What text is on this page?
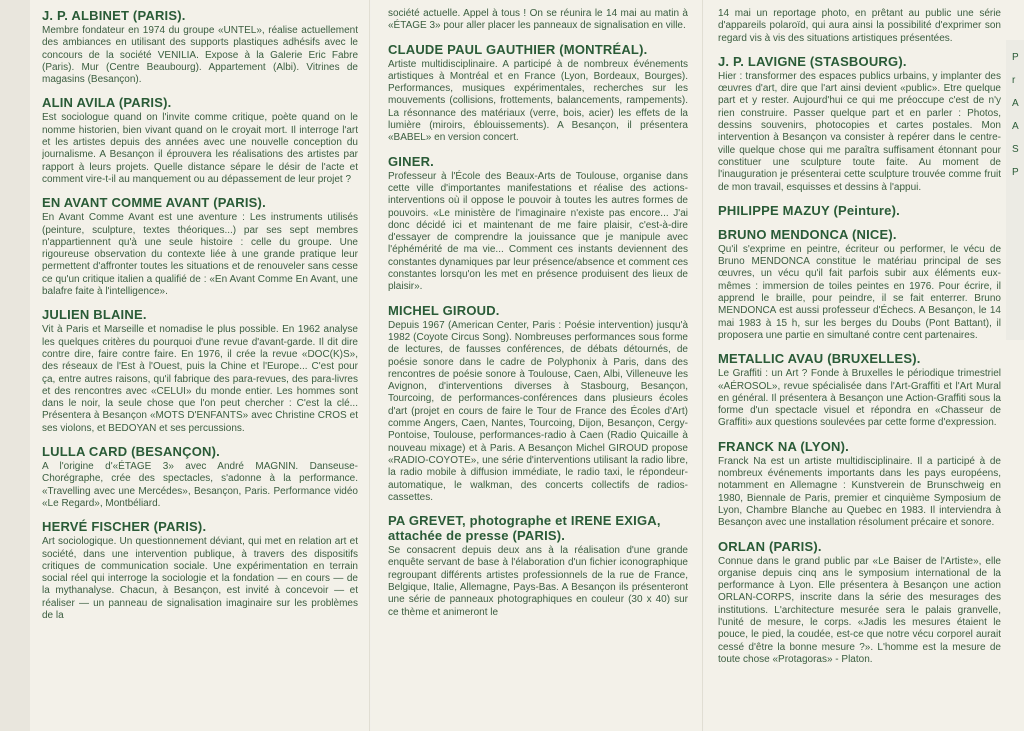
J. P. ALBINET (PARIS).

Membre fondateur en 1974 du groupe «UNTEL», réalise actuellement des ambiances en utilisant des supports plastiques adhésifs avec le concours de la société VENILIA. Expose à la Galerie Eric Fabre (Paris). Mur (Centre Beaubourg). Appartement (Albi). Vitrines de magasins (Besançon).

ALIN AVILA (PARIS).

Est sociologue quand on l'invite comme critique, poète quand on le nomme historien, bien vivant quand on le croyait mort. Il interroge l'art et les artistes depuis des années avec une nouvelle conception du journalisme. A Besançon il éprouvera les réalisations des artistes par rapport à leurs projets. Quelle distance sépare le désir de l'acte et comment vire-t-il au manquement ou au dépassement de leur projet ?

EN AVANT COMME AVANT (PARIS).

En Avant Comme Avant est une aventure : Les instruments utilisés (peinture, sculpture, textes théoriques...) par ses sept membres n'appartiennent qu'à une seule histoire : celle du groupe. Une rigoureuse observation du contexte liée à une grande pratique leur permettent d'affronter toutes les situations et de renouveler sans cesse ce qu'un critique italien a qualifié de : «En Avant Comme En Avant, une balafre faite à l'intelligence».

JULIEN BLAINE.

Vit à Paris et Marseille et nomadise le plus possible. En 1962 analyse les quelques critères du pourquoi d'une revue d'avant-garde. Il dit dire contre dire, faire contre faire. En 1976, il crée la revue «DOC(K)S», des réseaux de l'Est à l'Ouest, puis la Chine et l'Europe... C'est pour ça, entre autres raisons, qu'il fabrique des para-revues, des para-livres et des rencontres avec «CELUI» du monde entier. Les hommes sont dans le noir, la seule chose que l'on peut chercher : C'est la clé... Présentera à Besançon «MOTS D'ENFANTS» avec Christine CROS et ses violons, et BEDOYAN et ses percussions.

LULLA CARD (BESANÇON).

A l'origine d'«ÉTAGE 3» avec André MAGNIN. Danseuse-Chorégraphe, crée des spectacles, s'adonne à la performance. «Travelling avec une Mercédes», Besançon, Paris. Performance vidéo «Le Regard», Montbéliard.

HERVÉ FISCHER (PARIS).

Art sociologique. Un questionnement déviant, qui met en relation art et société, dans une intervention publique, à travers des dispositifs critiques de communication sociale. Une expérimentation en terrain social réel qui interroge la sociologie et la fondation — en cours — de la mythanalyse. Chacun, à Besançon, est invité à concevoir — et réaliser — un panneau de signalisation imaginaire sur les problèmes de la

société actuelle. Appel à tous ! On se réunira le 14 mai au matin à «ÉTAGE 3» pour aller placer les panneaux de signalisation en ville.

CLAUDE PAUL GAUTHIER (MONTRÉAL).

Artiste multidisciplinaire. A participé à de nombreux événements artistiques à Montréal et en France (Lyon, Bordeaux, Bourges). Performances, musiques expérimentales, recherches sur les mouvements (collisions, frottements, balancements, rampements). La résonnance des matériaux (verre, bois, acier) les effets de la lumière (miroirs, éblouissements). A Besançon, il présentera «BABEL» en version concert.

GINER.

Professeur à l'École des Beaux-Arts de Toulouse, organise dans cette ville d'importantes manifestations et réalise des actions-interventions où il oppose le pouvoir à toutes les autres formes de pouvoirs. «Le ministère de l'imaginaire n'existe pas encore... J'ai donc décidé ici et maintenant de me faire plaisir, c'est-à-dire d'essayer de comprendre la jouissance que je manipule avec l'éphémérité de ma vie... Comment ces instants deviennent des constantes dynamiques par leur présence/absence et comment ces constantes lorsqu'on les met en présence produisent des lieux de plaisir».

MICHEL GIROUD.

Depuis 1967 (American Center, Paris : Poésie intervention) jusqu'à 1982 (Coyote Circus Song). Nombreuses performances sous forme de lectures, de fausses conférences, de débats détournés, de poésie sonore dans le cadre de Polyphonix à Paris, dans des rencontres de poésie sonore à Toulouse, Caen, Albi, Villeneuve les Avignon, d'interventions diverses à Stasbourg, Besançon, Tourcoing, de performances-conférences dans plusieurs écoles d'art (projet en cours de faire le Tour de France des Écoles d'Art) comme Angers, Caen, Nantes, Tourcoing, Dijon, Besançon, Cergy-Pontoise, Toulouse, performances-radio à Caen (Radio Quicaille à nouveau mixage) et à Paris. A Besançon Michel GIROUD propose «RADIO-COYOTE», une série d'interventions utilisant la radio libre, la radio mobile à diffusion immédiate, le radio taxi, le répondeur-automatique, le walkman, des concerts collectifs de radios-cassettes.

PA GREVET, photographe et IRENE EXIGA, attachée de presse (PARIS).

Se consacrent depuis deux ans à la réalisation d'une grande enquête servant de base à l'élaboration d'un fichier iconographique regroupant différents artistes professionnels de la rue de France, Belgique, Italie, Allemagne, Pays-Bas. A Besançon ils présenteront une série de panneaux photographiques en couleur (30 x 40) sur ce thème et animeront le

14 mai un reportage photo, en prêtant au public une série d'appareils polaroïd, qui aura ainsi la possibilité d'exprimer son regard vis à vis des situations artistiques présentées.

J. P. LAVIGNE (STASBOURG).

Hier : transformer des espaces publics urbains, y implanter des œuvres d'art, dire que l'art ainsi devient «public». Etre quelque part et y rester. Aujourd'hui ce qui me préoccupe c'est de n'y rien construire. Passer quelque part et en parler : Photos, dessins souvenirs, photocopies et cartes postales. Mon intervention à Besançon va consister à repérer dans le centre-ville quelque chose qui me paraîtra suffisament étonnant pour constituer une sculpture toute faite. Au moment de l'inauguration je présenterai cette sculpture trouvée comme fruit de mon travail, esquisses et dessins à l'appui.

PHILIPPE MAZUY (Peinture).
BRUNO MENDONCA (NICE).

Qu'il s'exprime en peintre, écriteur ou performer, le vécu de Bruno MENDONCA constitue le matériau principal de ses œuvres, un vécu qu'il fait parfois subir aux éléments eux-mêmes : immersion de toiles peintes en 1976. Pour écrire, il apprend le braille, pour peindre, il se fait enterrer. Bruno MENDONCA est aussi professeur d'Échecs. A Besançon, le 14 mai 1983 à 15 h, sur les berges du Doubs (Pont Battant), il proposera une partie en simultané contre cent partenaires.

METALLIC AVAU (BRUXELLES).

Le Graffiti : un Art ? Fonde à Bruxelles le périodique trimestriel «AÉROSOL», revue spécialisée dans l'Art-Graffiti et l'Art Mural en général. Il présentera à Besançon une Action-Graffiti sous la forme d'un spectacle visuel et répondra en «Chasseur de Graffiti» aux questions soulevées par cette forme d'expression.

FRANCK NA (LYON).

Franck Na est un artiste multidisciplinaire. Il a participé à de nombreux événements importants dans les pays européens, notamment en Allemagne : Kunstverein de Brunschweig en 1980, Biennale de Paris, premier et cinquième Symposium de Lyon, Chambre Blanche au Quebec en 1983. Il interviendra à Besançon avec une installation résolument précaire et sonore.

ORLAN (PARIS).

Connue dans le grand public par «Le Baiser de l'Artiste», elle organise depuis cinq ans le symposium international de la performance à Lyon. Elle présentera à Besançon une action ORLAN-CORPS, inscrite dans la série des mesurages des institutions. L'architecture mesurée sera le palais granvelle, l'unité de mesure, le corps. «Jadis les mesures étaient le pouce, le pied, la coudée, est-ce que notre vécu corporel aurait cessé d'être la bonne mesure ?». L'homme est la mesure de toute chose «Protagoras» - Platon.

P
r
A
A
S
P
